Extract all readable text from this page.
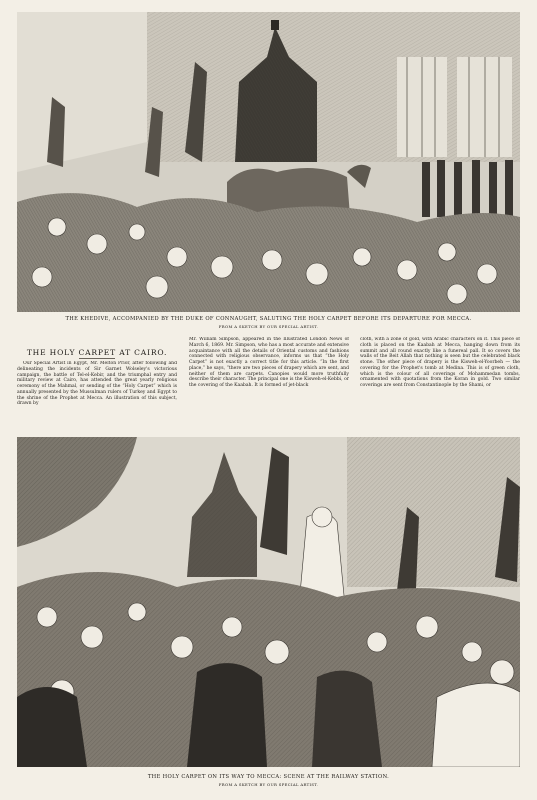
THE KHEDIVE, ACCOMPANIED BY THE DUKE OF CONNAUGHT, SALUTING THE HOLY CARPET BEFORE ITS DEPARTURE FOR MECCA.
FROM A SKETCH BY OUR SPECIAL ARTIST.
THE HOLY CARPET AT CAIRO.

Our Special Artist in Egypt, Mr. Melton Prior, after following and delineating the incidents of Sir Garnet Wolseley's victorious campaign, the battle of Tel-el-Kebir, and the triumphal entry and military review at Cairo, has attended the great yearly religious ceremony of the Mahmal, or sending of the “Holy Carpet” which is annually presented by the Mussulman rulers of Turkey and Egypt to the shrine of the Prophet at Mecca. An illustration of this subject, drawn by

Mr. William Simpson, appeared in the Illustrated London News of March 6, 1869. Mr. Simpson, who has a most accurate and extensive acquaintance with all the details of Oriental customs and fashions connected with religious observance, informs us that “the Holy Carpet” is not exactly a correct title for this article. “In the first place,” he says, “there are two pieces of drapery which are sent, and neither of them are carpets. Canopies would more truthfully describe their character. The principal one is the Kisweh-el-Kebbi, or the covering of the Kaabah. It is formed of jet-black

cloth, with a zone of gold, with Arabic characters on it. This piece of cloth is placed on the Kaabah at Mecca, hanging down from its summit and all round exactly like a funereal pall. It so covers the walls of the Beit Allah that nothing is seen but the celebrated black stone. The other piece of drapery is the Kisweh-el-Yoorbeh — the covering for the Prophet's tomb at Medina. This is of green cloth, which is the colour of all coverings of Mohammedan tombs, ornamented with quotations from the Koran in gold. Two similar coverings are sent from Constantinople by the Shami, or

THE HOLY CARPET ON ITS WAY TO MECCA: SCENE AT THE RAILWAY STATION.
FROM A SKETCH BY OUR SPECIAL ARTIST.
